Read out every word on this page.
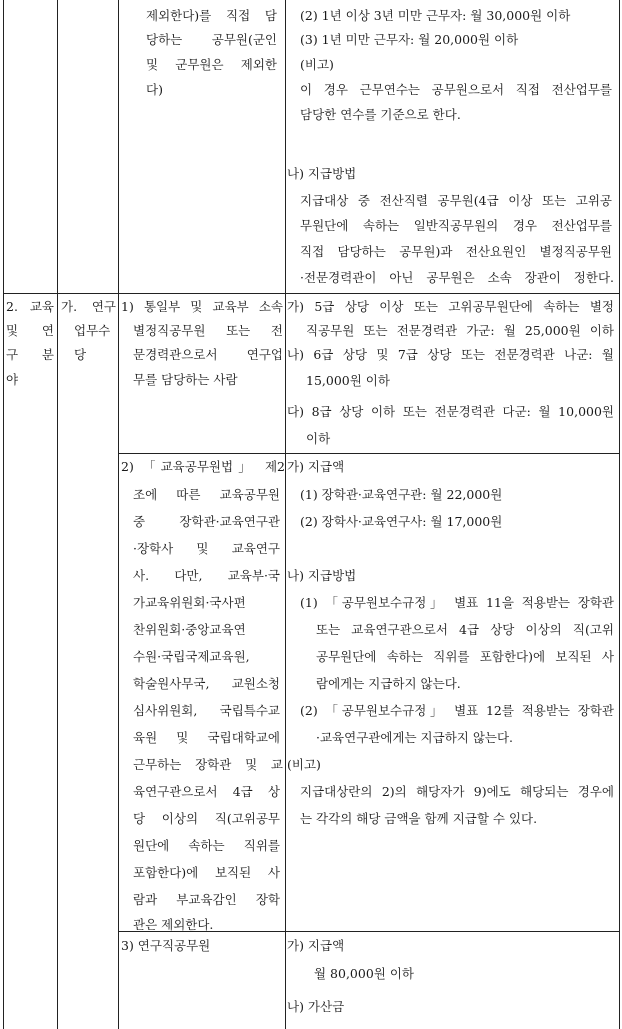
제외한다)를 직접 담
당하는 공무원(군인
및 군무원은 제외한
다)
(2) 1년 이상 3년 미만 근무자: 월 30,000원 이하
(3) 1년 미만 근무자: 월 20,000원 이하
(비고)
이 경우 근무연수는 공무원으로서 직접 전산업무를
담당한 연수를 기준으로 한다.
나) 지급방법
지급대상 중 전산직렬 공무원(4급 이상 또는 고위공
무원단에 속하는 일반직공무원의 경우 전산업무를
직접 담당하는 공무원)과 전산요원인 별정직공무원
·전문경력관이 아닌 공무원은 소속 장관이 정한다.
2. 교육
및 연
구 분
야
가. 연구
업무수
당
1) 통일부 및 교육부 소속
별정직공무원 또는 전
문경력관으로서 연구업
무를 담당하는 사람
가) 5급 상당 이상 또는 고위공무원단에 속하는 별정
직공무원 또는 전문경력관 가군: 월 25,000원 이하
나) 6급 상당 및 7급 상당 또는 전문경력관 나군: 월
15,000원 이하
다) 8급 상당 이하 또는 전문경력관 다군: 월 10,000원
이하
2) 「교육공무원법」 제2
조에 따른 교육공무원
중 장학관·교육연구관
·장학사 및 교육연구
사. 다만, 교육부·국
가교육위원회·국사편
찬위원회·중앙교육연
수원·국립국제교육원,
학술원사무국, 교원소청
심사위원회, 국립특수교
육원 및 국립대학교에
근무하는 장학관 및 교
육연구관으로서 4급 상
당 이상의 직(고위공무
원단에 속하는 직위를
포함한다)에 보직된 사
람과 부교육감인 장학
관은 제외한다.
가) 지급액
(1) 장학관·교육연구관: 월 22,000원
(2) 장학사·교육연구사: 월 17,000원
나) 지급방법
(1) 「공무원보수규정」 별표 11을 적용받는 장학관
또는 교육연구관으로서 4급 상당 이상의 직(고위
공무원단에 속하는 직위를 포함한다)에 보직된 사
람에게는 지급하지 않는다.
(2) 「공무원보수규정」 별표 12를 적용받는 장학관
·교육연구관에게는 지급하지 않는다.
(비고)
지급대상란의 2)의 해당자가 9)에도 해당되는 경우에
는 각각의 해당 금액을 함께 지급할 수 있다.
3) 연구직공무원	가) 지급액
월 80,000원 이하
나) 가산금
